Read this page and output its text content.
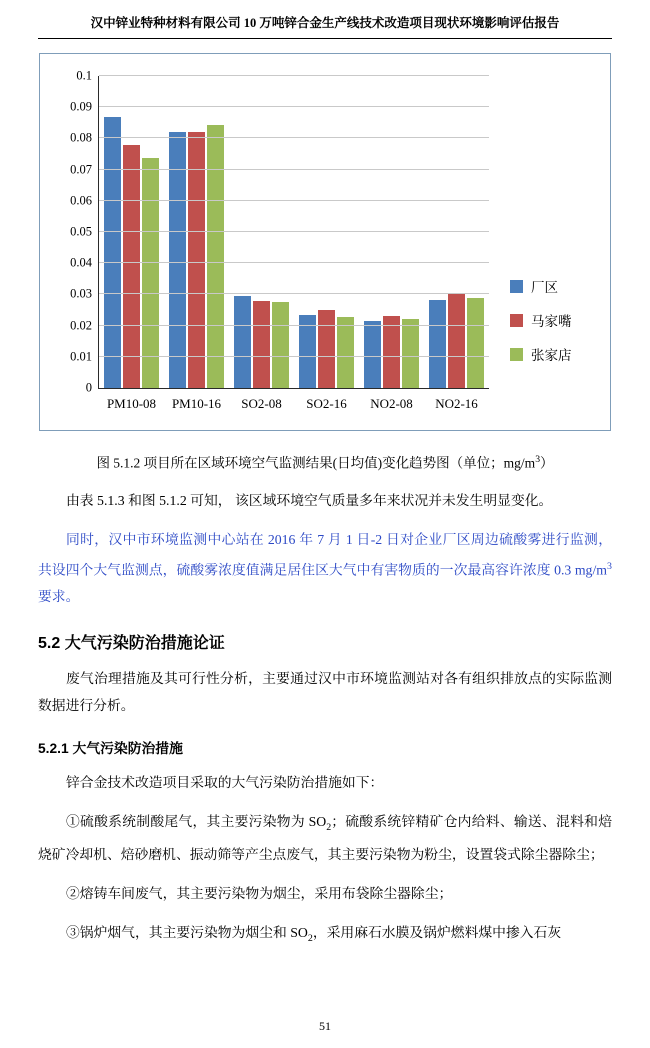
汉中锌业特种材料有限公司 10 万吨锌合金生产线技术改造项目现状环境影响评估报告
PM10-08	PM10-16	SO2-08	SO2-16	NO2-08	NO2-16
0
0.01
0.02
0.03
0.04
0.05
0.06
0.07
0.08
0.09
0.1
厂区
马家嘴
张家店
图 5.1.2 项目所在区域环境空气监测结果(日均值)变化趋势图（单位；$mg/m^3$）

由表 5.1.3 和图 5.1.2 可知， 该区域环境空气质量多年来状况并未发生明显变化。

同时，汉中市环境监测中心站在 2016 年 7 月 1 日-2 日对企业厂区周边硫酸雾进行监测，共设四个大气监测点，硫酸雾浓度值满足居住区大气中有害物质的一次最高容许浓度 0.3 $mg/m^3$ 要求。

5.2 大气污染防治措施论证

废气治理措施及其可行性分析，主要通过汉中市环境监测站对各有组织排放点的实际监测数据进行分析。

5.2.1 大气污染防治措施

锌合金技术改造项目采取的大气污染防治措施如下：

①硫酸系统制酸尾气，其主要污染物为 $SO_2$；硫酸系统锌精矿仓内给料、输送、混料和焙烧矿冷却机、焙砂磨机、振动筛等产尘点废气，其主要污染物为粉尘，设置袋式除尘器除尘；

②熔铸车间废气，其主要污染物为烟尘，采用布袋除尘器除尘；

③锅炉烟气，其主要污染物为烟尘和 $SO_2$，采用麻石水膜及锅炉燃料煤中掺入石灰

51
